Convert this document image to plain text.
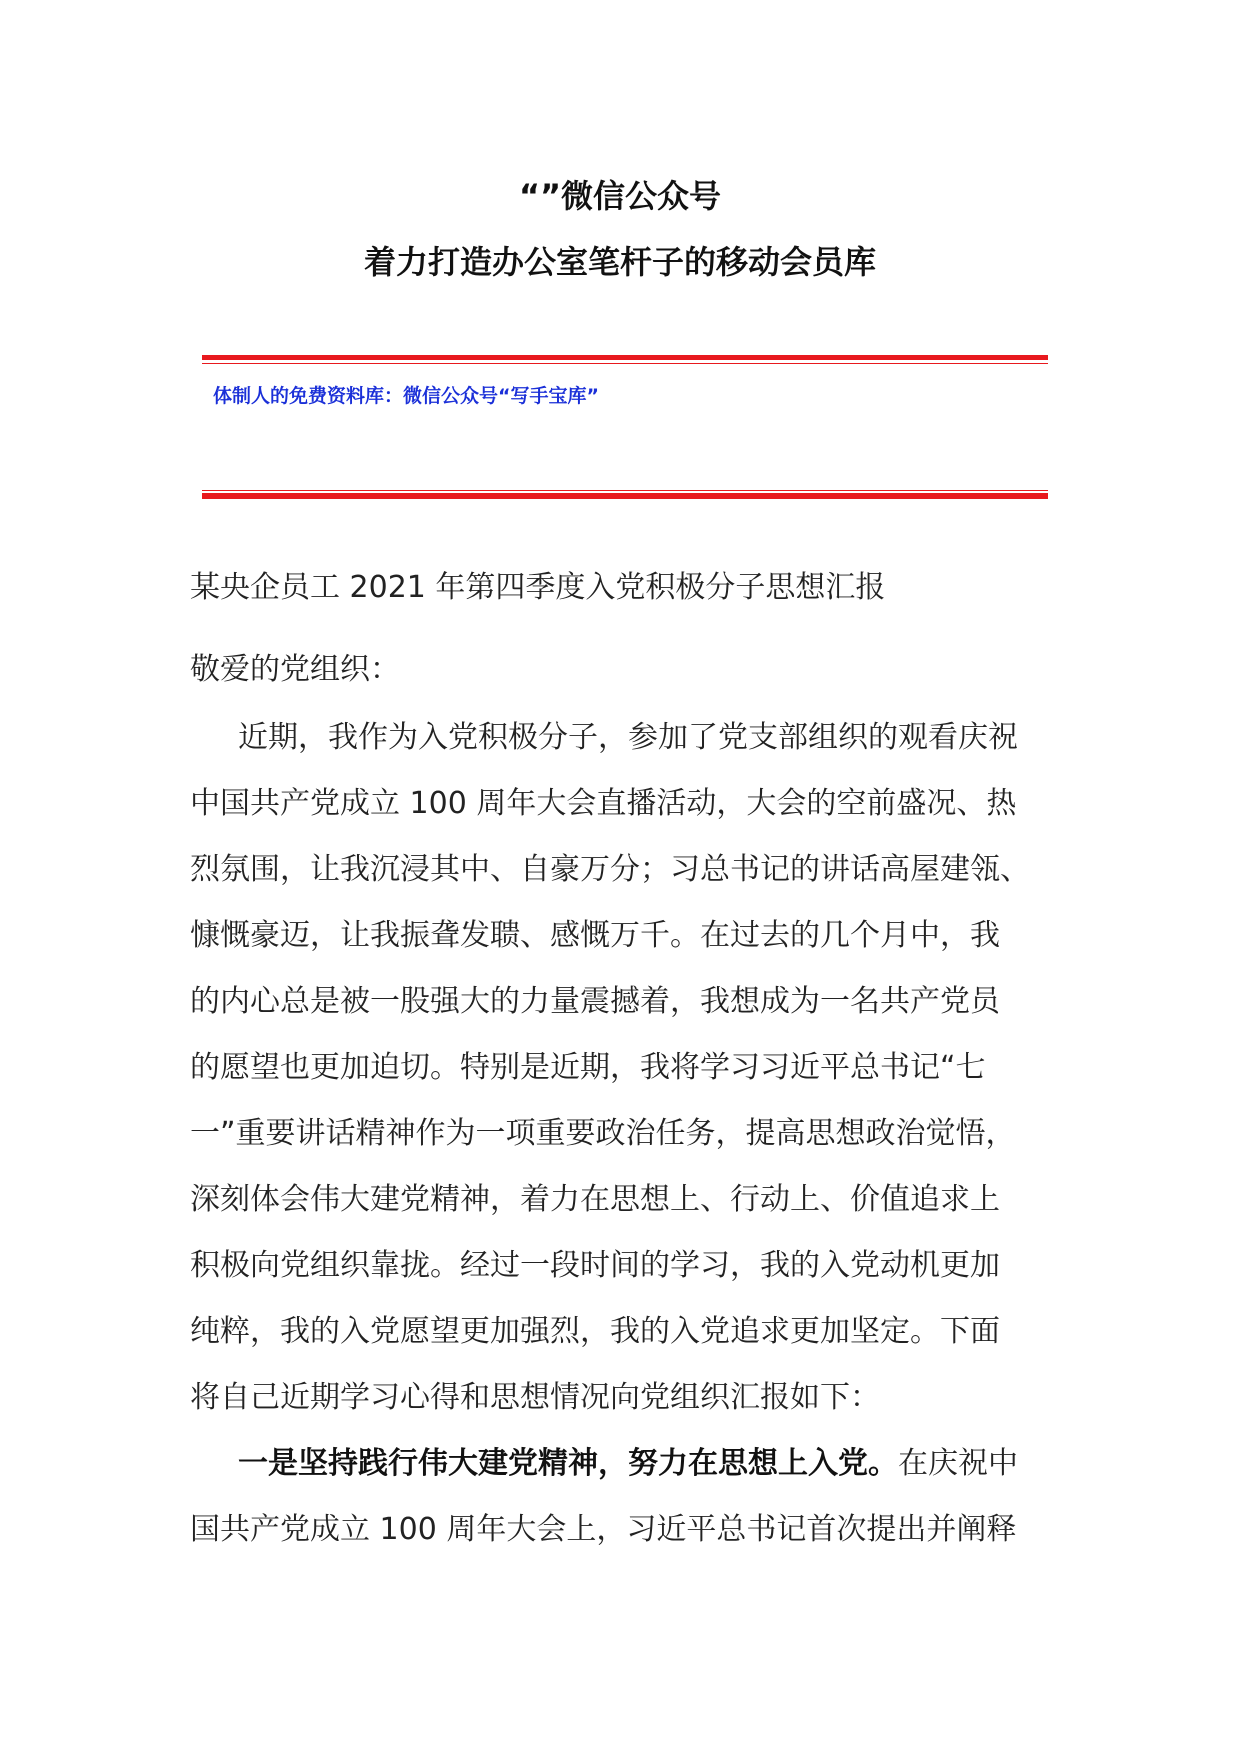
“”微信公众号
着力打造办公室笔杆子的移动会员库
体制人的免费资料库：微信公众号“写手宝库”
某央企员工 2021 年第四季度入党积极分子思想汇报
敬爱的党组织：
近期，我作为入党积极分子，参加了党支部组织的观看庆祝
中国共产党成立 100 周年大会直播活动，大会的空前盛况、热
烈氛围，让我沉浸其中、自豪万分；习总书记的讲话高屋建瓴、
慷慨豪迈，让我振聋发聩、感慨万千。在过去的几个月中，我
的内心总是被一股强大的力量震撼着，我想成为一名共产党员
的愿望也更加迫切。特别是近期，我将学习习近平总书记“七
一”重要讲话精神作为一项重要政治任务，提高思想政治觉悟，
深刻体会伟大建党精神，着力在思想上、行动上、价值追求上
积极向党组织靠拢。经过一段时间的学习，我的入党动机更加
纯粹，我的入党愿望更加强烈，我的入党追求更加坚定。下面
将自己近期学习心得和思想情况向党组织汇报如下：
一是坚持践行伟大建党精神，努力在思想上入党。在庆祝中
国共产党成立 100 周年大会上，习近平总书记首次提出并阐释
